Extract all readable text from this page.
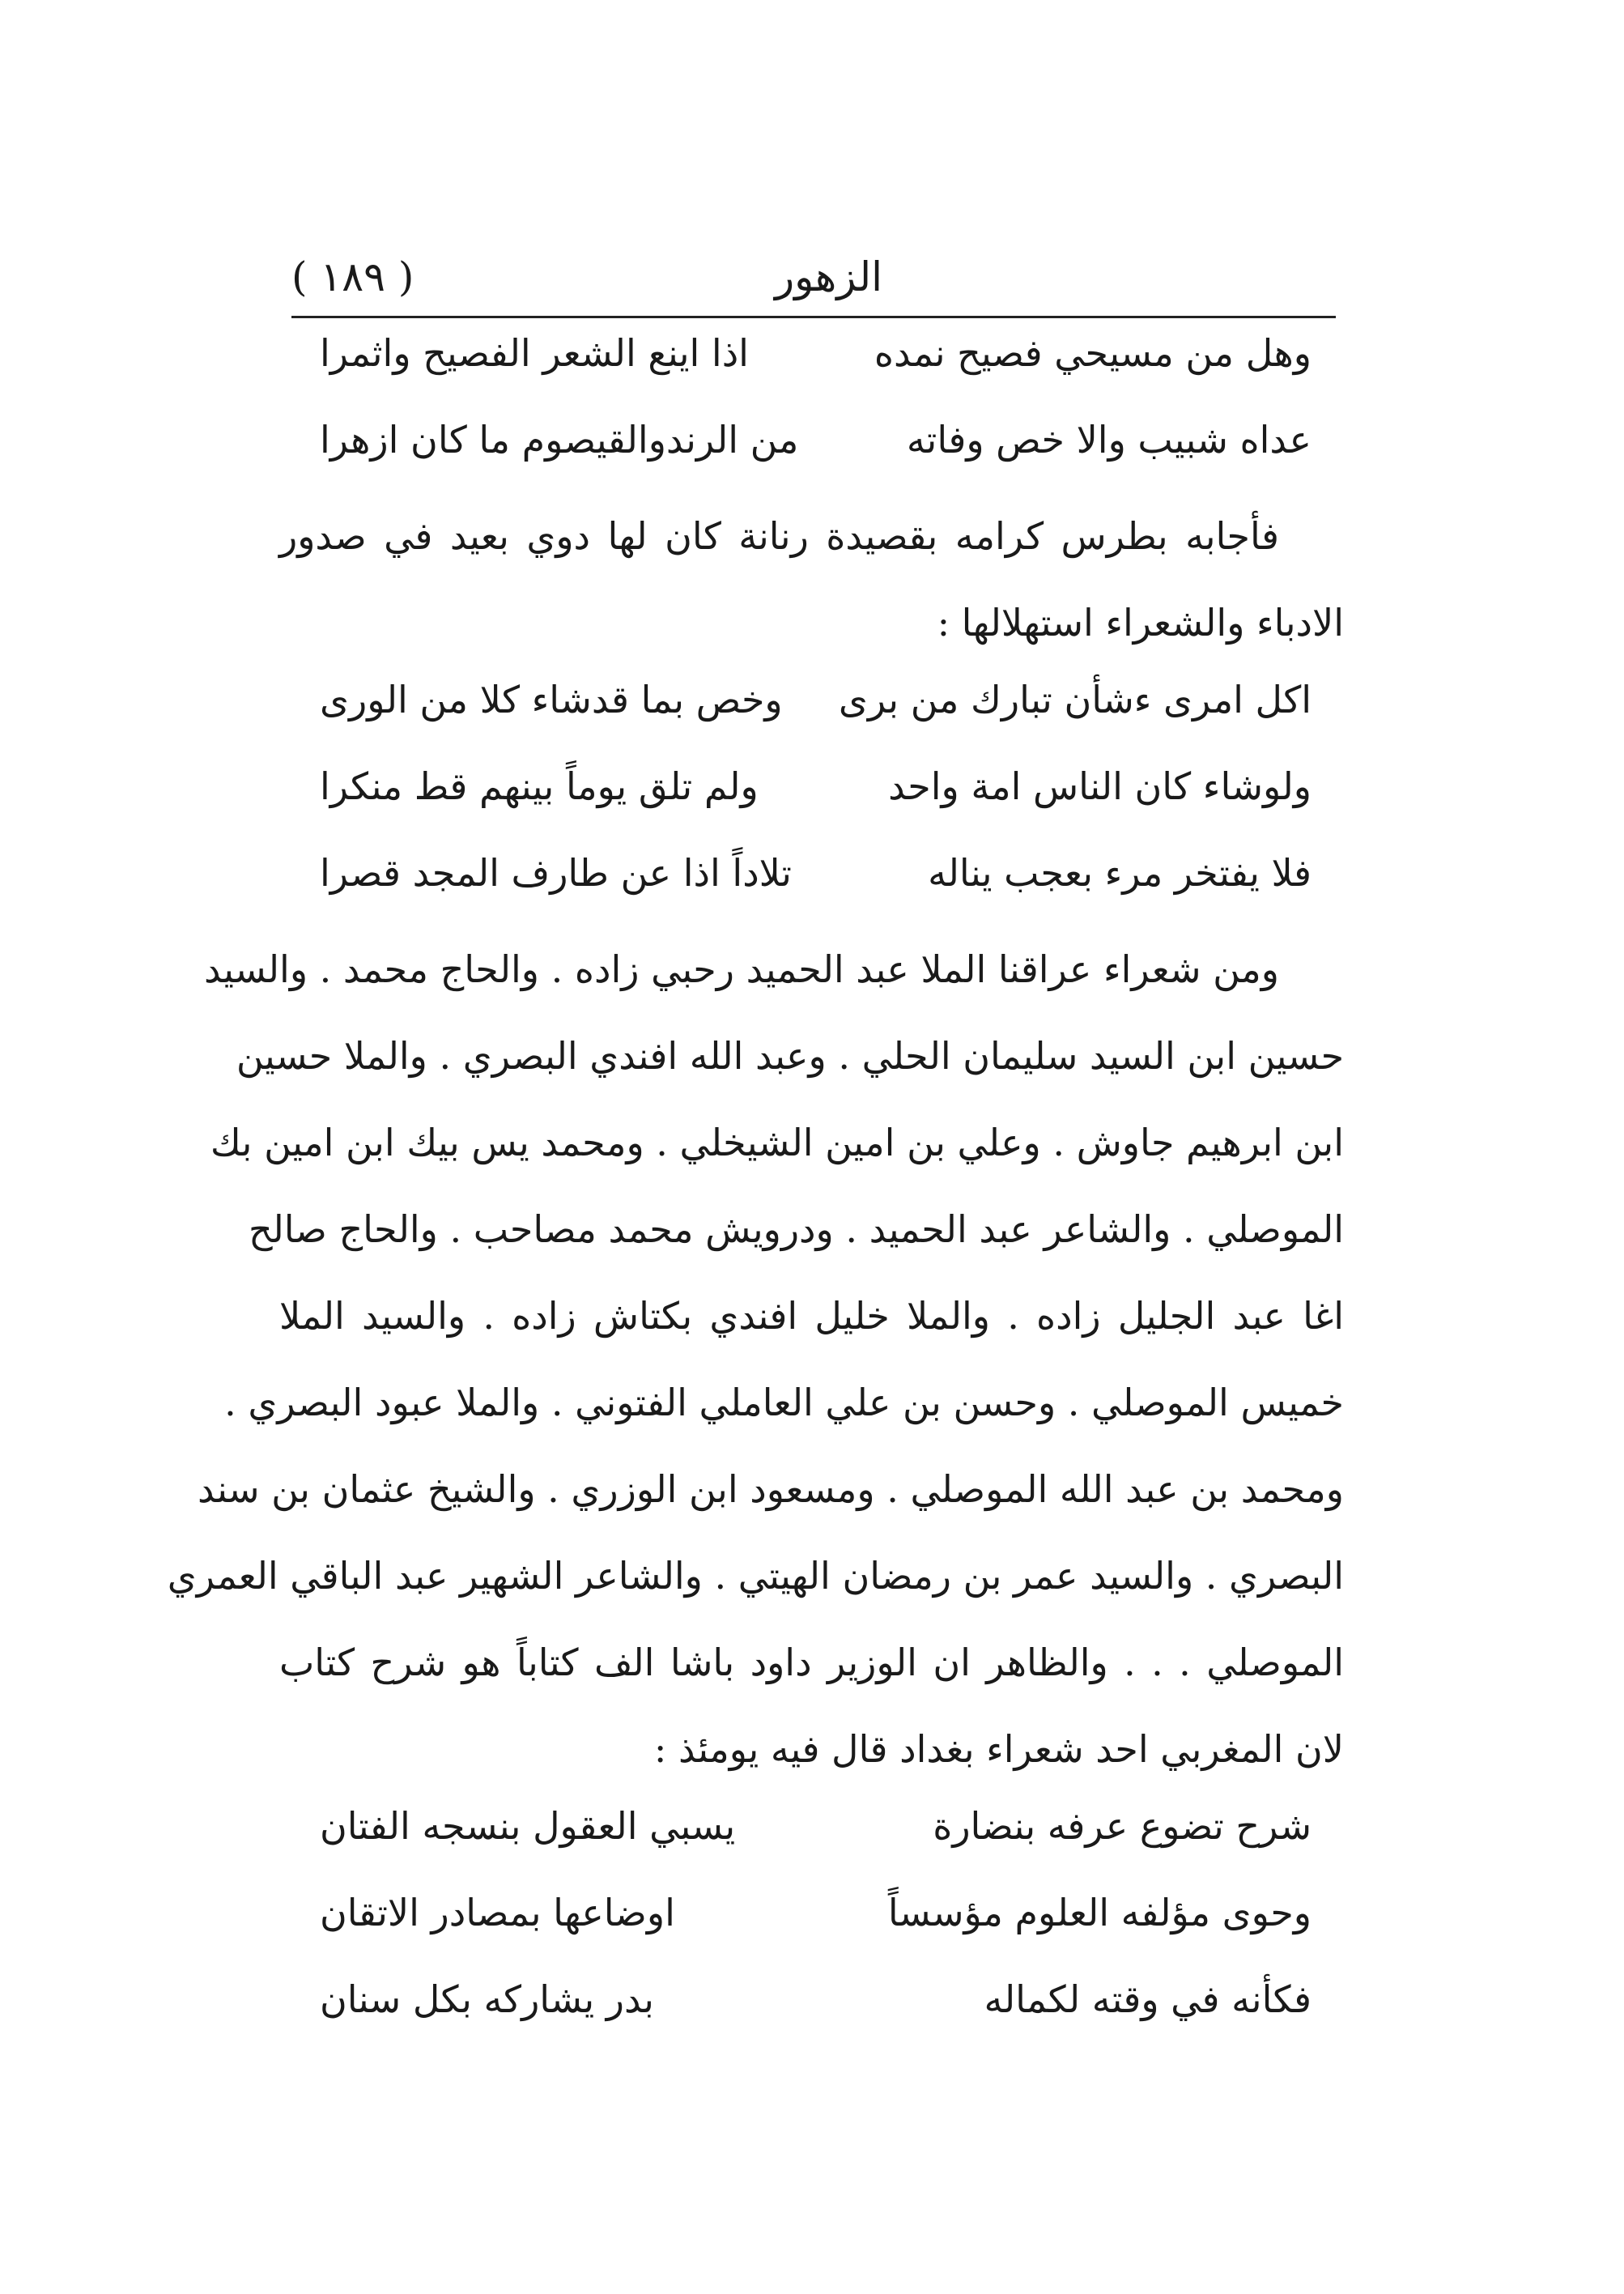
الزهور
( ١٨٩ )
وهل من مسيحي فصيح نمده
اذا اينع الشعر الفصيح واثمرا
عداه شبيب والا خص وفاته
من الرندوالقيصوم ما كان ازهرا
فأجابه بطرس كرامه بقصيدة رنانة كان لها دوي بعيد في صدور
الادباء والشعراء استهلالها :
اكل امرى ءشأن تبارك من برى
وخص بما قدشاء كلا من الورى
ولوشاء كان الناس امة واحد
ولم تلق يوماً بينهم قط منكرا
فلا يفتخر مرء بعجب يناله
تلاداً اذا عن طارف المجد قصرا
ومن شعراء عراقنا الملا عبد الحميد رحبي زاده . والحاج محمد . والسيد
حسين ابن السيد سليمان الحلي . وعبد الله افندي البصري . والملا حسين
ابن ابرهيم جاوش . وعلي بن امين الشيخلي . ومحمد يس بيك ابن امين بك
الموصلي . والشاعر عبد الحميد . ودرويش محمد مصاحب . والحاج صالح
اغا عبد الجليل زاده . والملا خليل افندي بكتاش زاده . والسيد الملا
خميس الموصلي . وحسن بن علي العاملي الفتوني . والملا عبود البصري .
ومحمد بن عبد الله الموصلي . ومسعود ابن الوزري . والشيخ عثمان بن سند
البصري . والسيد عمر بن رمضان الهيتي . والشاعر الشهير عبد الباقي العمري
الموصلي . . . والظاهر ان الوزير داود باشا الف كتاباً هو شرح كتاب
لان المغربي احد شعراء بغداد قال فيه يومئذ :
شرح تضوع عرفه بنضارة
يسبي العقول بنسجه الفتان
وحوى مؤلفه العلوم مؤسساً
اوضاعها بمصادر الاتقان
فكأنه في وقته لكماله
بدر يشاركه بكل سنان
